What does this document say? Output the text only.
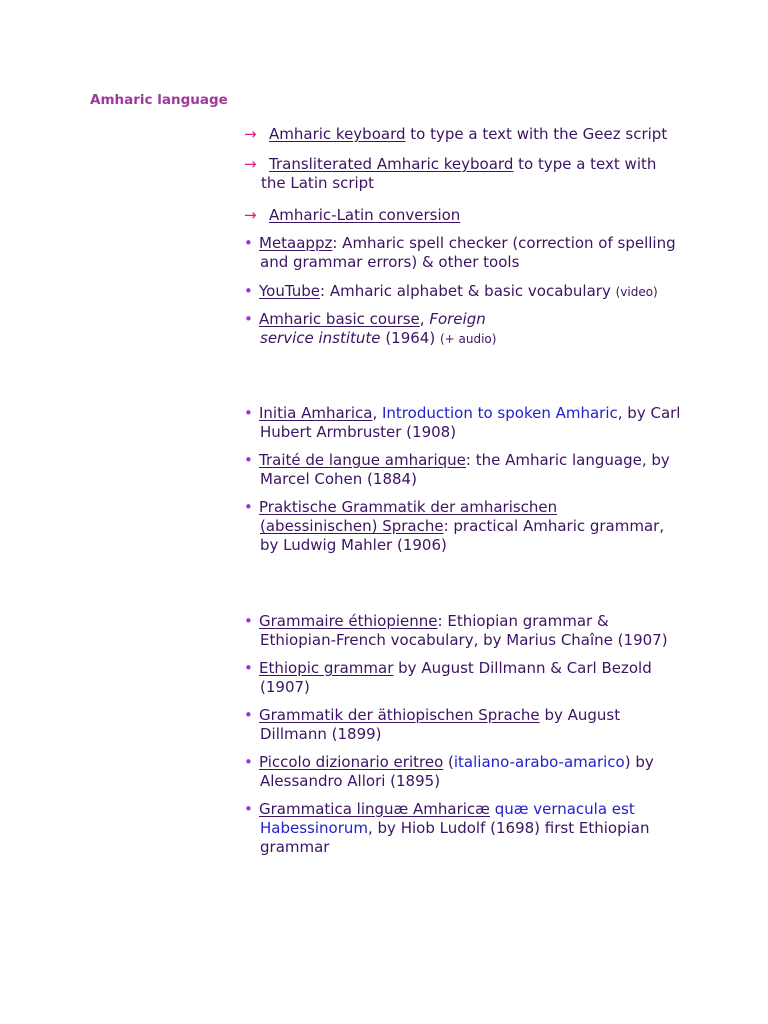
Amharic language
→ Amharic keyboard to type a text with the Geez script
→ Transliterated Amharic keyboard to type a text with the Latin script
→ Amharic-Latin conversion
• Metaappz: Amharic spell checker (correction of spelling and grammar errors) & other tools
• YouTube: Amharic alphabet & basic vocabulary (video)
• Amharic basic course, Foreign service institute (1964) (+ audio)
• Initia Amharica, Introduction to spoken Amharic, by Carl Hubert Armbruster (1908)
• Traité de langue amharique: the Amharic language, by Marcel Cohen (1884)
• Praktische Grammatik der amharischen (abessinischen) Sprache: practical Amharic grammar, by Ludwig Mahler (1906)
• Grammaire éthiopienne: Ethiopian grammar & Ethiopian-French vocabulary, by Marius Chaîne (1907)
• Ethiopic grammar by August Dillmann & Carl Bezold (1907)
• Grammatik der äthiopischen Sprache by August Dillmann (1899)
• Piccolo dizionario eritreo (italiano-arabo-amarico) by Alessandro Allori (1895)
• Grammatica linguæ Amharicæ quæ vernacula est Habessinorum, by Hiob Ludolf (1698) first Ethiopian grammar
